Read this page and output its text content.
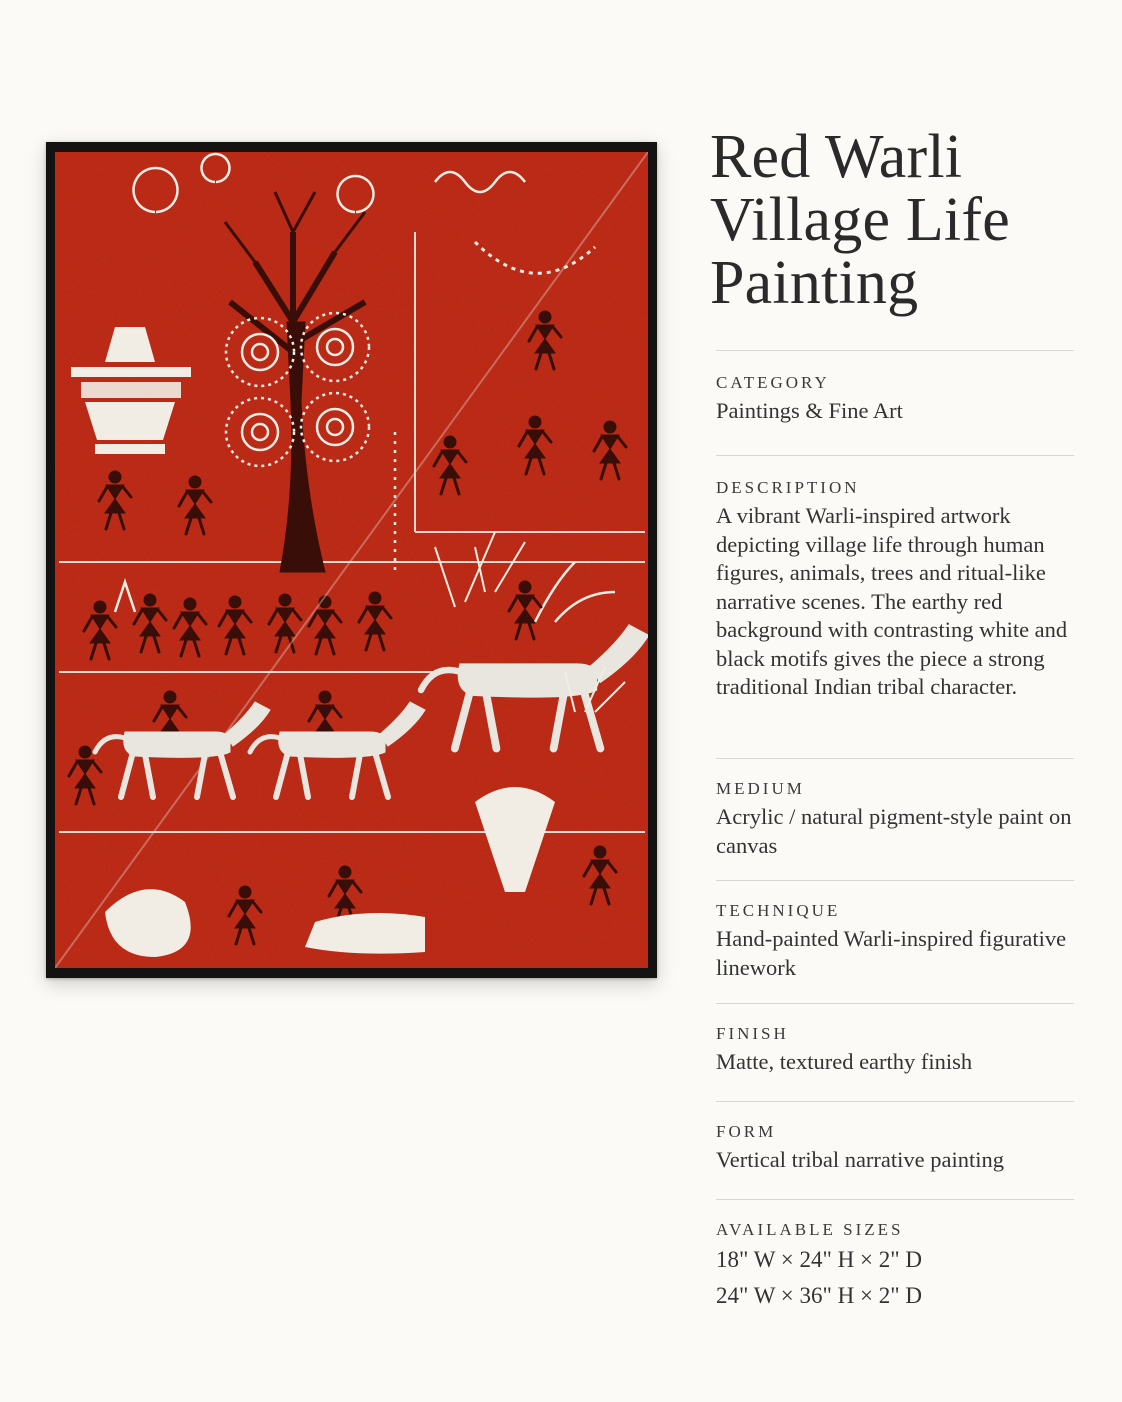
Red Warli
Village Life
Painting
CATEGORY
Paintings & Fine Art
DESCRIPTION
A vibrant Warli-inspired artwork depicting village life through human figures, animals, trees and ritual-like narrative scenes. The earthy red background with contrasting white and black motifs gives the piece a strong traditional Indian tribal character.
MEDIUM
Acrylic / natural pigment-style paint on canvas
TECHNIQUE
Hand-painted Warli-inspired figurative linework
FINISH
Matte, textured earthy finish
FORM
Vertical tribal narrative painting
AVAILABLE SIZES
18" W × 24" H × 2" D
24" W × 36" H × 2" D
